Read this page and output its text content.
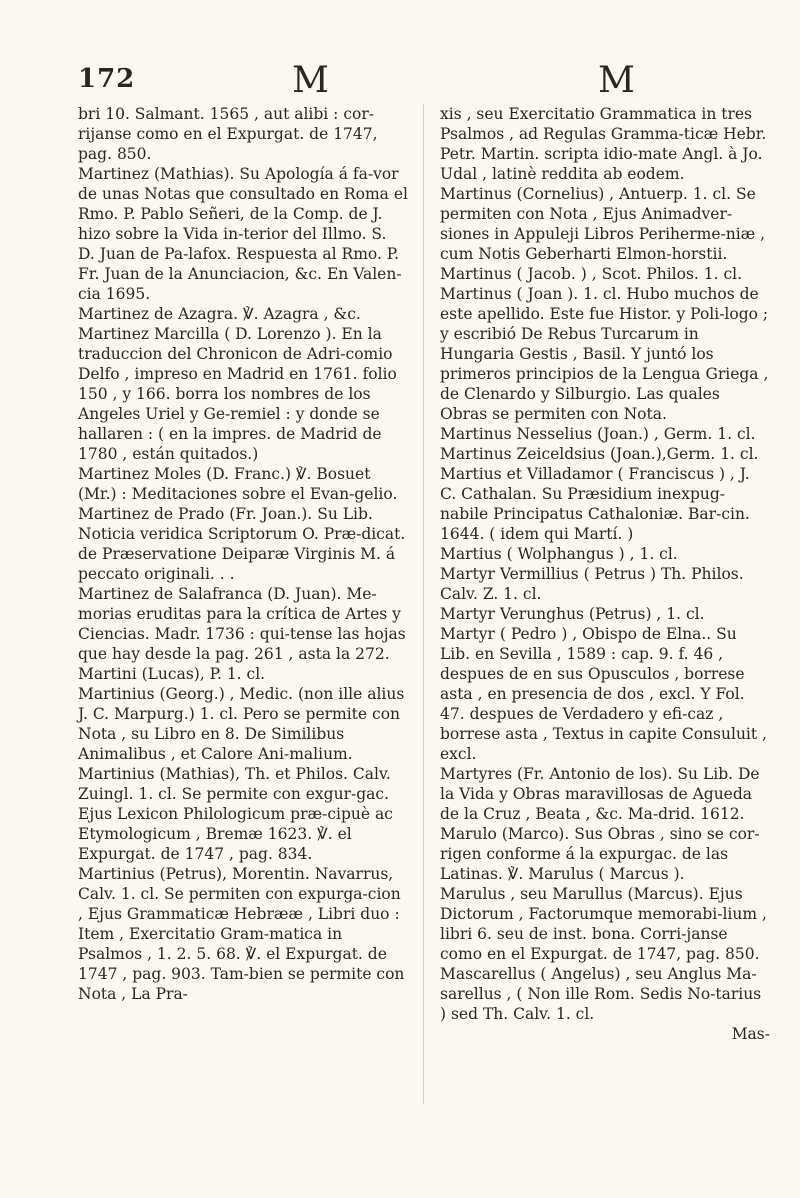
172	M	M

bri 10. Salmant. 1565 , aut alibi : cor-rijanse como en el Expurgat. de 1747, pag. 850.

Martinez (Mathias). Su Apología á fa-vor de unas Notas que consultado en Roma el Rmo. P. Pablo Señeri, de la Comp. de J. hizo sobre la Vida in-terior del Illmo. S. D. Juan de Pa-lafox. Respuesta al Rmo. P. Fr. Juan de la Anunciacion, &c. En Valen-cia 1695.

Martinez de Azagra. ℣. Azagra , &c.

Martinez Marcilla ( D. Lorenzo ). En la traduccion del Chronicon de Adri-comio Delfo , impreso en Madrid en 1761. folio 150 , y 166. borra los nombres de los Angeles Uriel y Ge-remiel : y donde se hallaren : ( en la impres. de Madrid de 1780 , están quitados.)

Martinez Moles (D. Franc.) ℣. Bosuet (Mr.) : Meditaciones sobre el Evan-gelio.

Martinez de Prado (Fr. Joan.). Su Lib. Noticia veridica Scriptorum O. Præ-dicat. de Præservatione Deiparæ Virginis M. á peccato originali. . .

Martinez de Salafranca (D. Juan). Me-morias eruditas para la crítica de Artes y Ciencias. Madr. 1736 : qui-tense las hojas que hay desde la pag. 261 , asta la 272.

Martini (Lucas), P. 1. cl.

Martinius (Georg.) , Medic. (non ille alius J. C. Marpurg.) 1. cl. Pero se permite con Nota , su Libro en 8. De Similibus Animalibus , et Calore Ani-malium.

Martinius (Mathias), Th. et Philos. Calv. Zuingl. 1. cl. Se permite con exgur-gac. Ejus Lexicon Philologicum præ-cipuè ac Etymologicum , Bremæ 1623. ℣. el Expurgat. de 1747 , pag. 834.

Martinius (Petrus), Morentin. Navarrus, Calv. 1. cl. Se permiten con expurga-cion , Ejus Grammaticæ Hebrææ , Libri duo : Item , Exercitatio Gram-matica in Psalmos , 1. 2. 5. 68. ℣. el Expurgat. de 1747 , pag. 903. Tam-bien se permite con Nota , La Pra-

xis , seu Exercitatio Grammatica in tres Psalmos , ad Regulas Gramma-ticæ Hebr. Petr. Martin. scripta idio-mate Angl. à Jo. Udal , latinè reddita ab eodem.

Martinus (Cornelius) , Antuerp. 1. cl. Se permiten con Nota , Ejus Animadver-siones in Appuleji Libros Periherme-niæ , cum Notis Geberharti Elmon-horstii.

Martinus ( Jacob. ) , Scot. Philos. 1. cl.

Martinus ( Joan ). 1. cl. Hubo muchos de este apellido. Este fue Histor. y Poli-logo ; y escribió De Rebus Turcarum in Hungaria Gestis , Basil. Y juntó los primeros principios de la Lengua Griega , de Clenardo y Silburgio. Las quales Obras se permiten con Nota.

Martinus Nesselius (Joan.) , Germ. 1. cl.

Martinus Zeiceldsius (Joan.),Germ. 1. cl.

Martius et Villadamor ( Franciscus ) , J. C. Cathalan. Su Præsidium inexpug-nabile Principatus Cathaloniæ. Bar-cin. 1644. ( idem qui Martí. )

Martius ( Wolphangus ) , 1. cl.

Martyr Vermillius ( Petrus ) Th. Philos. Calv. Z. 1. cl.

Martyr Verunghus (Petrus) , 1. cl.

Martyr ( Pedro ) , Obispo de Elna.. Su Lib. en Sevilla , 1589 : cap. 9. f. 46 , despues de en sus Opusculos , borrese asta , en presencia de dos , excl. Y Fol. 47. despues de Verdadero y efi-caz , borrese asta , Textus in capite Consuluit , excl.

Martyres (Fr. Antonio de los). Su Lib. De la Vida y Obras maravillosas de Agueda de la Cruz , Beata , &c. Ma-drid. 1612.

Marulo (Marco). Sus Obras , sino se cor-rigen conforme á la expurgac. de las Latinas. ℣. Marulus ( Marcus ).

Marulus , seu Marullus (Marcus). Ejus Dictorum , Factorumque memorabi-lium , libri 6. seu de inst. bona. Corri-janse como en el Expurgat. de 1747, pag. 850.

Mascarellus ( Angelus) , seu Anglus Ma-sarellus , ( Non ille Rom. Sedis No-tarius ) sed Th. Calv. 1. cl.

Mas-
